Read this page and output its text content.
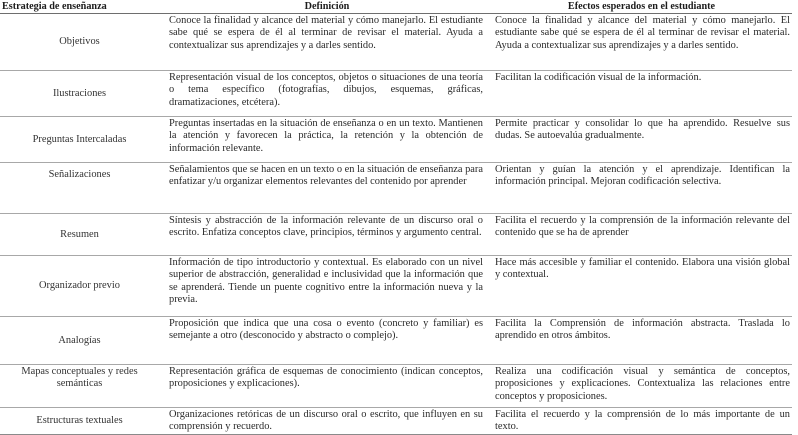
Estrategia de enseñanza	Definición	Efectos esperados en el estudiante
Objetivos	Conoce la finalidad y alcance del material y cómo manejarlo. El estudiante sabe qué se espera de él al terminar de revisar el material. Ayuda a contextualizar sus aprendizajes y a darles sentido.	Conoce la finalidad y alcance del material y cómo manejarlo. El estudiante sabe qué se espera de él al terminar de revisar el material. Ayuda a contextualizar sus aprendizajes y a darles sentido.
Ilustraciones	Representación visual de los conceptos, objetos o situaciones de una teoría o tema específico (fotografías, dibujos, esquemas, gráficas, dramatizaciones, etcétera).	Facilitan la codificación visual de la información.
Preguntas Intercaladas	Preguntas insertadas en la situación de enseñanza o en un texto. Mantienen la atención y favorecen la práctica, la retención y la obtención de información relevante.	Permite practicar y consolidar lo que ha aprendido. Resuelve sus dudas. Se autoevalúa gradualmente.
Señalizaciones	Señalamientos que se hacen en un texto o en la situación de enseñanza para enfatizar y/u organizar elementos relevantes del contenido por aprender	Orientan y guían la atención y el aprendizaje. Identifican la información principal. Mejoran codificación selectiva.
Resumen	Síntesis y abstracción de la información relevante de un discurso oral o escrito. Enfatiza conceptos clave, principios, términos y argumento central.	Facilita el recuerdo y la comprensión de la información relevante del contenido que se ha de aprender
Organizador previo	Información de tipo introductorio y contextual. Es elaborado con un nivel superior de abstracción, generalidad e inclusividad que la información que se aprenderá. Tiende un puente cognitivo entre la información nueva y la previa.	Hace más accesible y familiar el contenido. Elabora una visión global y contextual.
Analogías	Proposición que indica que una cosa o evento (concreto y familiar) es semejante a otro (desconocido y abstracto o complejo).	Facilita la Comprensión de información abstracta. Traslada lo aprendido en otros ámbitos.
Mapas conceptuales y redes semánticas	Representación gráfica de esquemas de conocimiento (indican conceptos, proposiciones y explicaciones).	Realiza una codificación visual y semántica de conceptos, proposiciones y explicaciones. Contextualiza las relaciones entre conceptos y proposiciones.
Estructuras textuales	Organizaciones retóricas de un discurso oral o escrito, que influyen en su comprensión y recuerdo.	Facilita el recuerdo y la comprensión de lo más importante de un texto.
